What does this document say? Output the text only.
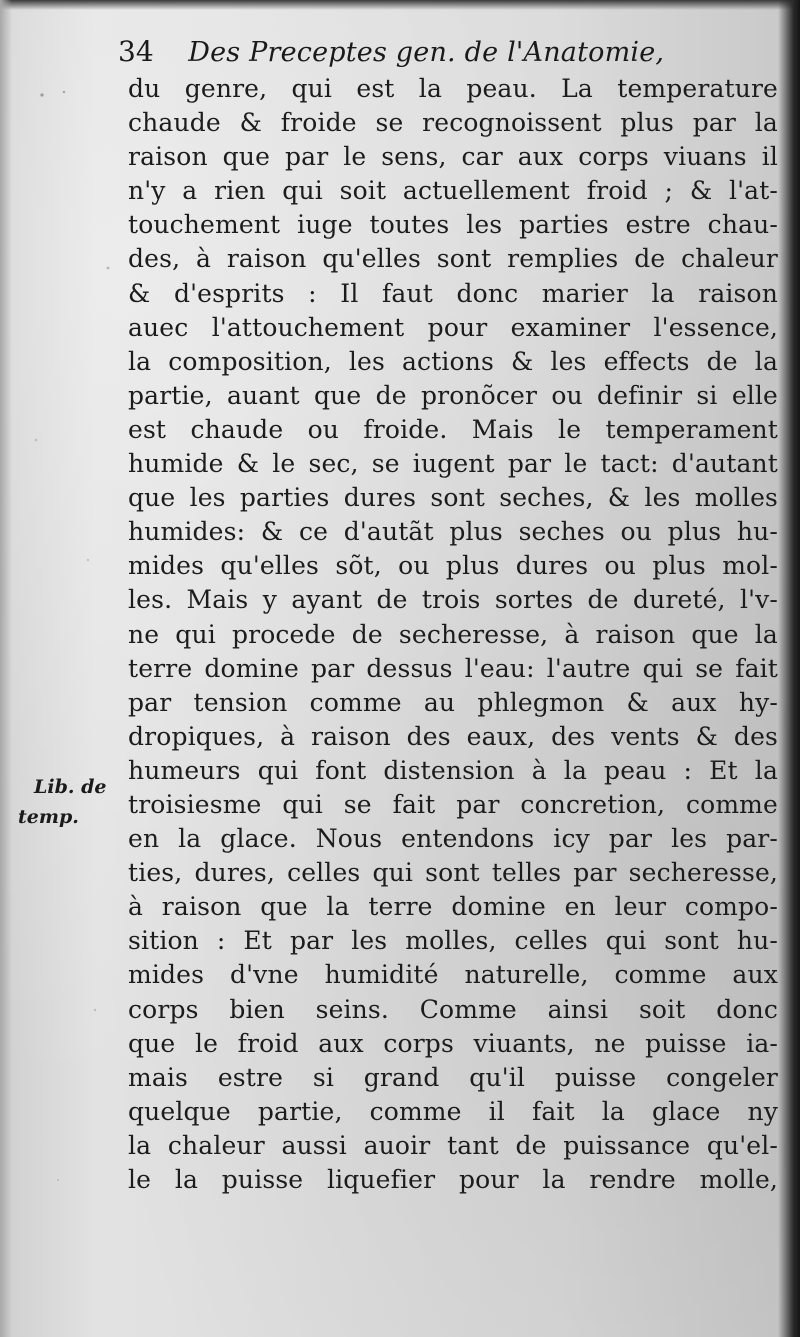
34 Des Preceptes gen. de l'Anatomie,
Lib. de
temp.
du genre, qui est la peau. La temperature
chaude & froide se recognoissent plus par la
raison que par le sens, car aux corps viuans il
n'y a rien qui soit actuellement froid ; & l'at-
touchement iuge toutes les parties estre chau-
des, à raison qu'elles sont remplies de chaleur
& d'esprits : Il faut donc marier la raison
auec l'attouchement pour examiner l'essence,
la composition, les actions & les effects de la
partie, auant que de pronõcer ou definir si elle
est chaude ou froide. Mais le temperament
humide & le sec, se iugent par le tact: d'autant
que les parties dures sont seches, & les molles
humides: & ce d'autãt plus seches ou plus hu-
mides qu'elles sõt, ou plus dures ou plus mol-
les. Mais y ayant de trois sortes de dureté, l'v-
ne qui procede de secheresse, à raison que la
terre domine par dessus l'eau: l'autre qui se fait
par tension comme au phlegmon & aux hy-
dropiques, à raison des eaux, des vents & des
humeurs qui font distension à la peau : Et la
troisiesme qui se fait par concretion, comme
en la glace. Nous entendons icy par les par-
ties, dures, celles qui sont telles par secheresse,
à raison que la terre domine en leur compo-
sition : Et par les molles, celles qui sont hu-
mides d'vne humidité naturelle, comme aux
corps bien seins. Comme ainsi soit donc
que le froid aux corps viuants, ne puisse ia-
mais estre si grand qu'il puisse congeler
quelque partie, comme il fait la glace ny
la chaleur aussi auoir tant de puissance qu'el-
le la puisse liquefier pour la rendre molle,
